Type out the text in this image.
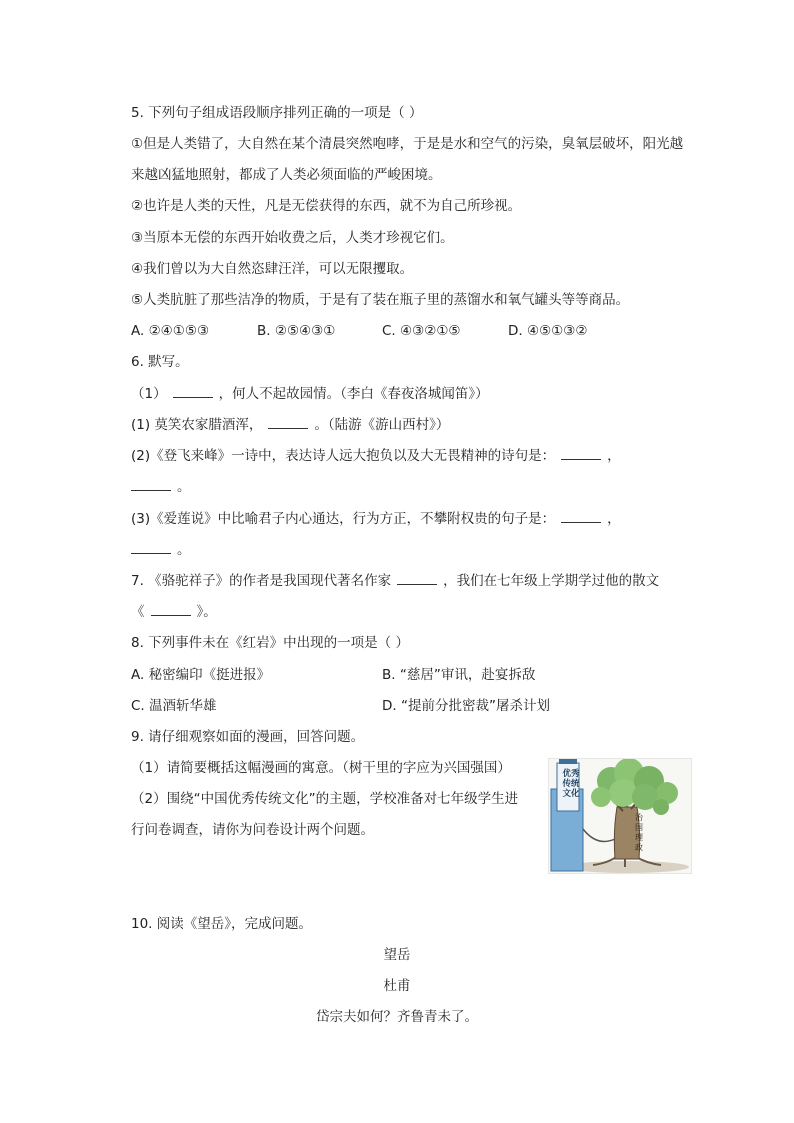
5. 下列句子组成语段顺序排列正确的一项是（ ）
①但是人类错了，大自然在某个清晨突然咆哮，于是是水和空气的污染，臭氧层破坏，阳光越
来越凶猛地照射，都成了人类必须面临的严峻困境。
②也许是人类的天性，凡是无偿获得的东西，就不为自己所珍视。
③当原本无偿的东西开始收费之后，人类才珍视它们。
④我们曾以为大自然恣肆汪洋，可以无限攫取。
⑤人类肮脏了那些洁净的物质，于是有了装在瓶子里的蒸馏水和氧气罐头等等商品。
A. ②④①⑤③	B. ②⑤④③①	C. ④③②①⑤	D. ④⑤①③②
6. 默写。
（1）	，何人不起故园情。（李白《春夜洛城闻笛》）
(1) 莫笑农家腊酒浑，	。（陆游《游山西村》）
(2)《登飞来峰》一诗中，表达诗人远大抱负以及大无畏精神的诗句是：	，
。
(3)《爱莲说》中比喻君子内心通达，行为方正，不攀附权贵的句子是：	，
。
7. 《骆驼祥子》的作者是我国现代著名作家	，我们在七年级上学期学过他的散文
《	》。
8. 下列事件未在《红岩》中出现的一项是（ ）
A. 秘密编印《挺进报》	B. “慈居”审讯，赴宴拆敌
C. 温酒斩华雄	D. “提前分批密裁”屠杀计划
9. 请仔细观察如面的漫画，回答问题。
（1）请简要概括这幅漫画的寓意。（树干里的字应为兴国强国）
（2）围绕“中国优秀传统文化”的主题，学校准备对七年级学生进
行问卷调查，请你为问卷设计两个问题。
优秀
传统
文化
治
国
理
政
10. 阅读《望岳》，完成问题。
望岳
杜甫
岱宗夫如何？齐鲁青未了。
